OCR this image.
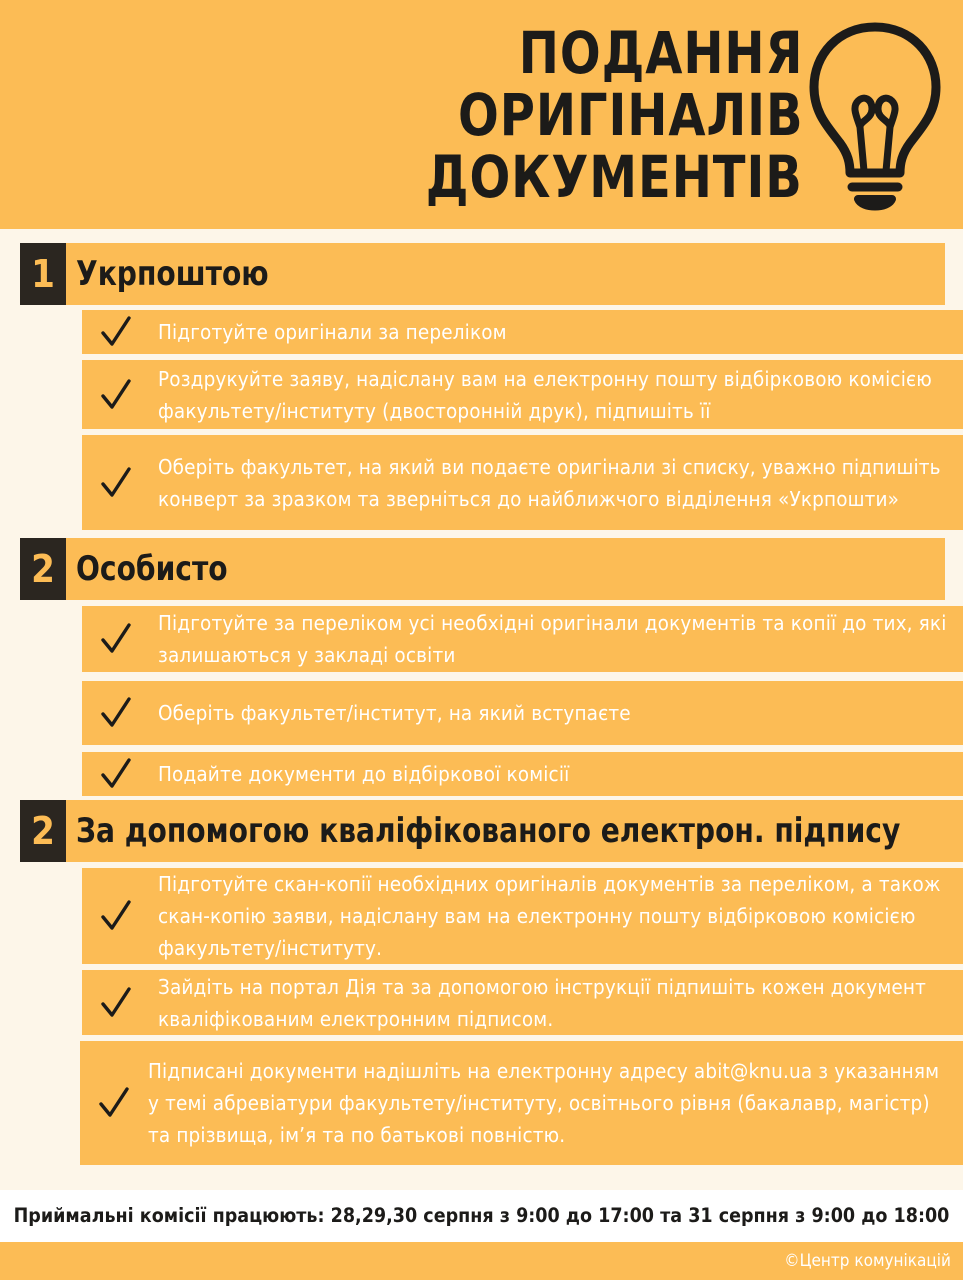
ПОДАННЯ
ОРИГІНАЛІВ
ДОКУМЕНТІВ
1 Укрпоштою
Підготуйте оригінали за переліком
Роздрукуйте заяву, надіслану вам на електронну пошту відбірковою комісією факультету/інституту (двосторонній друк), підпишіть її
Оберіть факультет, на який ви подаєте оригінали зі списку, уважно підпишіть конверт за зразком та зверніться до найближчого відділення «Укрпошти»
2 Особисто
Підготуйте за переліком усі необхідні оригінали документів та копії до тих, які залишаються у закладі освіти
Оберіть факультет/інститут, на який вступаєте
Подайте документи до відбіркової комісії
2 За допомогою кваліфікованого електрон. підпису
Підготуйте скан-копії необхідних оригіналів документів за переліком, а також скан-копію заяви, надіслану вам на електронну пошту відбірковою комісією факультету/інституту.
Зайдіть на портал Дія та за допомогою інструкції підпишіть кожен документ кваліфікованим електронним підписом.
Підписані документи надішліть на електронну адресу abit@knu.ua з указанням у темі абревіатури факультету/інституту, освітнього рівня (бакалавр, магістр) та прізвища, ім’я та по батькові повністю.
Приймальні комісії працюють: 28,29,30 серпня з 9:00 до 17:00 та 31 серпня з 9:00 до 18:00
©Центр комунікацій
